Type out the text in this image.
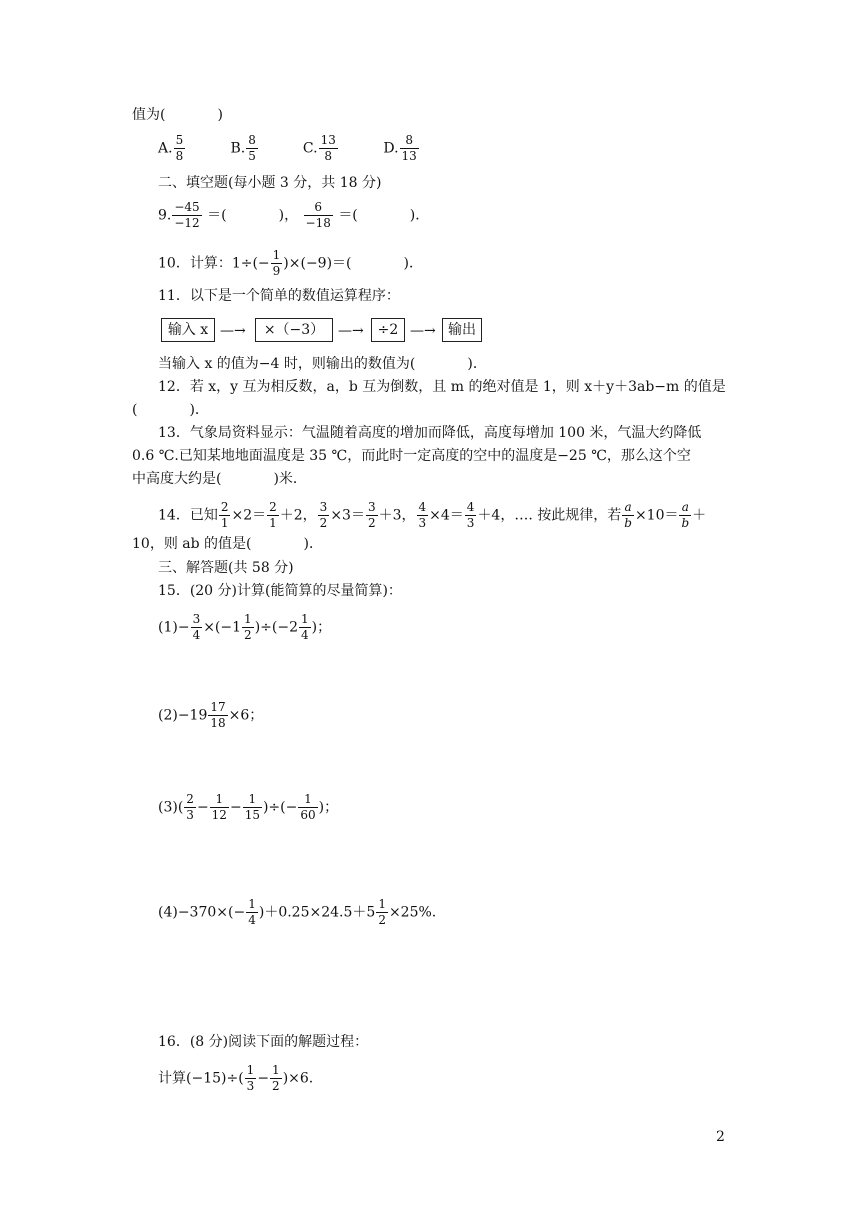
值为(	)
A. $\frac{5}{8}$	B. $\frac{8}{5}$	C. $\frac{13}{8}$	D. $\frac{8}{13}$
二、填空题(每小题 3 分，共 18 分)
9. $\frac{-45}{-12}$ ＝(	)， $\frac{6}{-18}$ ＝(	)．
10．计算：$1\div(- \frac{1}{9} )\times(-9)=$(	)．
11．以下是一个简单的数值运算程序：
输入 x —→	×（−3） —→ ÷2 —→ 输出
当输入 x 的值为−4 时，则输出的数值为(	)．
12．若 x，y 互为相反数，a，b 互为倒数，且 m 的绝对值是 1，则 x＋y＋3ab−m 的值是
(	)．
13．气象局资料显示：气温随着高度的增加而降低，高度每增加 100 米，气温大约降低
0.6 ℃.已知某地地面温度是 35 ℃，而此时一定高度的空中的温度是−25 ℃，那么这个空
中高度大约是(	)米．
14．已知 $\frac{2}{1} \times 2= \frac{2}{1} +2$， $\frac{3}{2} \times 3= \frac{3}{2} +3$， $\frac{4}{3} \times 4= \frac{4}{3} +4$，…. 按此规律，若 $\frac{a}{b} \times 10= \frac{a}{b}$ ＋
10，则 ab 的值是(	)．
三、解答题(共 58 分)
15．(20 分)计算(能简算的尽量简算)：
$(1)- \frac{3}{4} \times(-1 \frac{1}{2} )\div(-2 \frac{1}{4}$ )；
$(2)-19 \frac{17}{18} \times 6$；
$(3)( \frac{2}{3} - \frac{1}{12} - \frac{1}{15}$ )÷(− $\frac{1}{60}$ )；
$(4)-370\times(- \frac{1}{4} )+0.25\times 24.5+5 \frac{1}{2} \times 25\%$.
16．(8 分)阅读下面的解题过程：
计算$(-15)\div( \frac{1}{3} - \frac{1}{2} )\times 6$.
2
